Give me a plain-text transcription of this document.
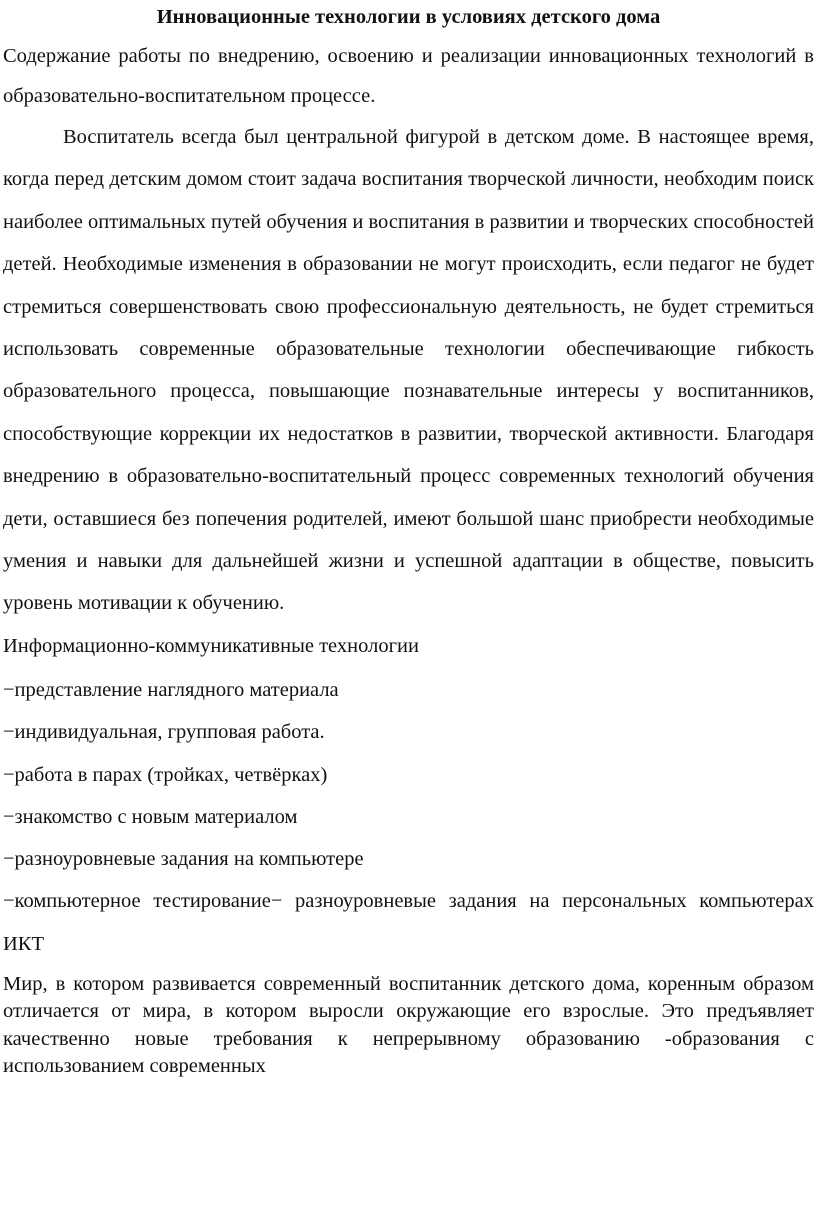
Инновационные технологии в условиях детского дома

Содержание работы по внедрению, освоению и реализации инновационных технологий в образовательно-воспитательном процессе.

Воспитатель всегда был центральной фигурой в детском доме. В настоящее время, когда перед детским домом стоит задача воспитания творческой личности, необходим поиск наиболее оптимальных путей обучения и воспитания в развитии и творческих способностей детей. Необходимые изменения в образовании не могут происходить, если педагог не будет стремиться совершенствовать свою профессиональную деятельность, не будет стремиться использовать современные образовательные технологии обеспечивающие гибкость образовательного процесса, повышающие познавательные интересы у воспитанников, способствующие коррекции их недостатков в развитии, творческой активности. Благодаря внедрению в образовательно-воспитательный процесс современных технологий обучения дети, оставшиеся без попечения родителей, имеют большой шанс приобрести необходимые умения и навыки для дальнейшей жизни и успешной адаптации в обществе, повысить уровень мотивации к обучению.

Информационно-коммуникативные технологии

−представление наглядного материала
−индивидуальная, групповая работа.
−работа в парах (тройках, четвёрках)
−знакомство с новым материалом
−разноуровневые задания на компьютере
−компьютерное тестирование− разноуровневые задания на персональных компьютерах ИКТ

Мир, в котором развивается современный воспитанник детского дома, коренным образом отличается от мира, в котором выросли окружающие его взрослые. Это предъявляет качественно новые требования к непрерывному образованию -образования с использованием современных
